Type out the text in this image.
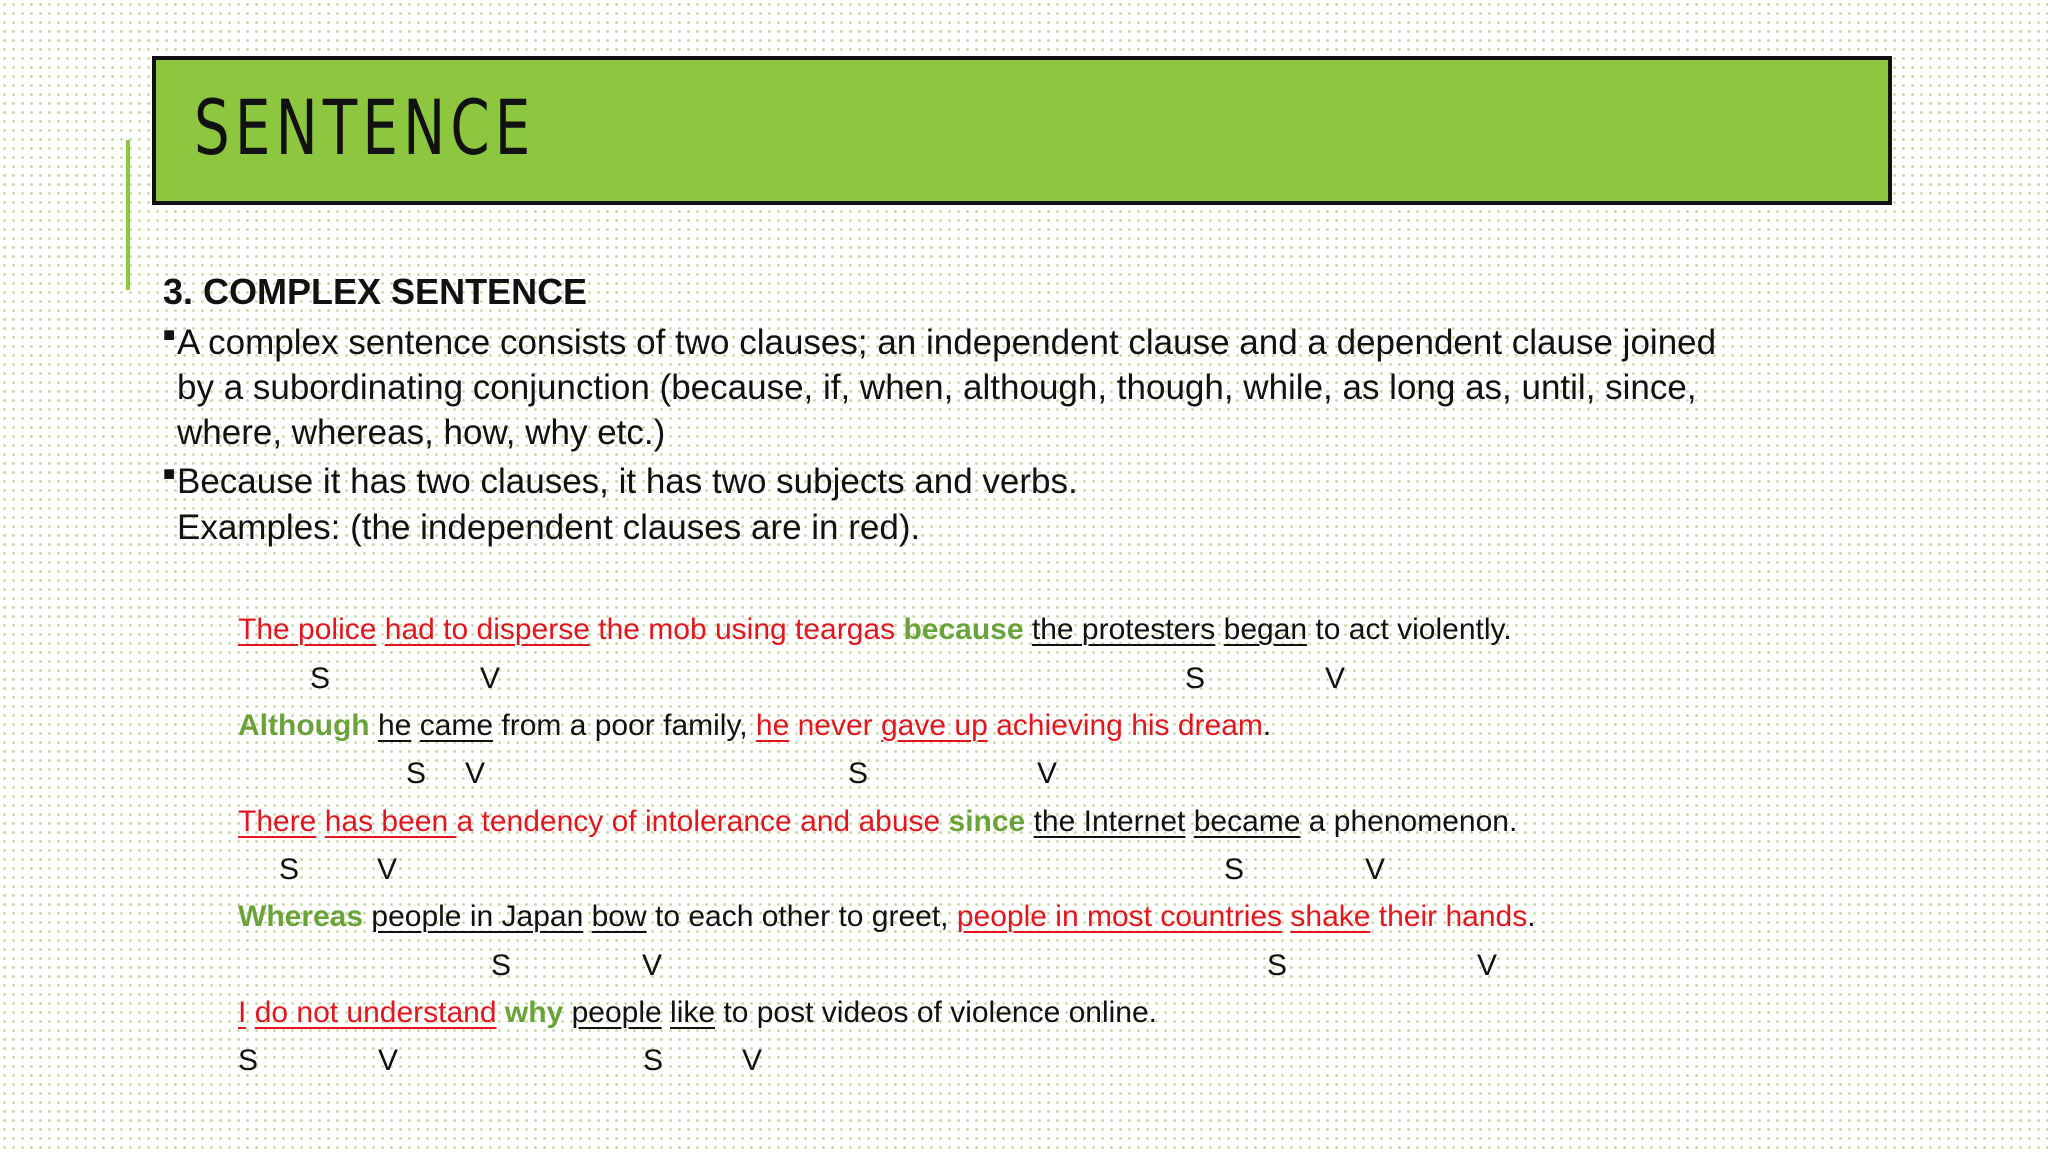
SENTENCE
3. COMPLEX SENTENCE
■ A complex sentence consists of two clauses; an independent clause and a dependent clause joined
by a subordinating conjunction (because, if, when, although, though, while, as long as, until, since,
where, whereas, how, why etc.)
■ Because it has two clauses, it has two subjects and verbs.
Examples: (the independent clauses are in red).
The police had to disperse the mob using teargas because the protesters began to act violently.
S	V	S	V
Although he came from a poor family, he never gave up achieving his dream.
S V	S	V
There has been a tendency of intolerance and abuse since the Internet became a phenomenon.
S	V	S	V
Whereas people in Japan bow to each other to greet, people in most countries shake their hands.
S	V	S	V
I do not understand why people like to post videos of violence online.
S	V	S	V
